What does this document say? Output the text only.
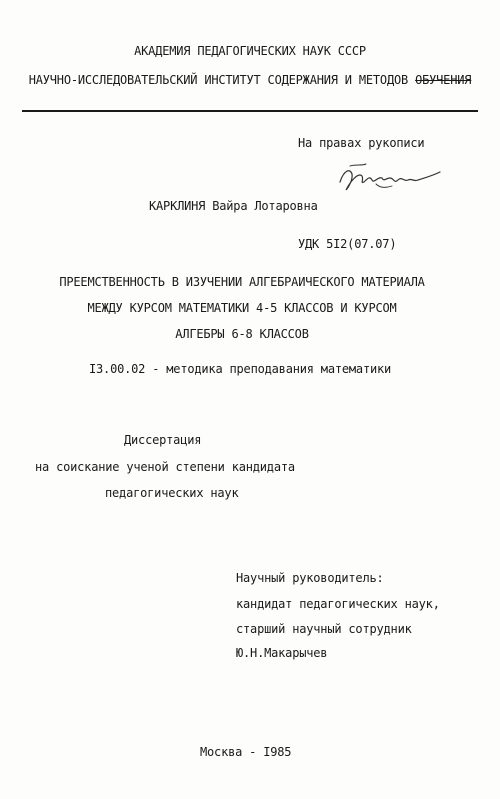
АКАДЕМИЯ ПЕДАГОГИЧЕСКИХ НАУК СССР
НАУЧНО-ИССЛЕДОВАТЕЛЬСКИЙ ИНСТИТУТ СОДЕРЖАНИЯ И МЕТОДОВ ОБУЧЕНИЯ
На правах рукописи
КАРКЛИНЯ Вайра Лотаровна
УДК 5I2(07.07)
ПРЕЕМСТВЕННОСТЬ В ИЗУЧЕНИИ АЛГЕБРАИЧЕСКОГО МАТЕРИАЛА
МЕЖДУ КУРСОМ МАТЕМАТИКИ 4-5 КЛАССОВ И КУРСОМ
АЛГЕБРЫ 6-8 КЛАССОВ
I3.00.02 - методика преподавания математики
Диссертация
на соискание ученой степени кандидата
педагогических наук
Научный руководитель:
кандидат педагогических наук,
старший научный сотрудник
Ю.Н.Макарычев
Москва - I985
